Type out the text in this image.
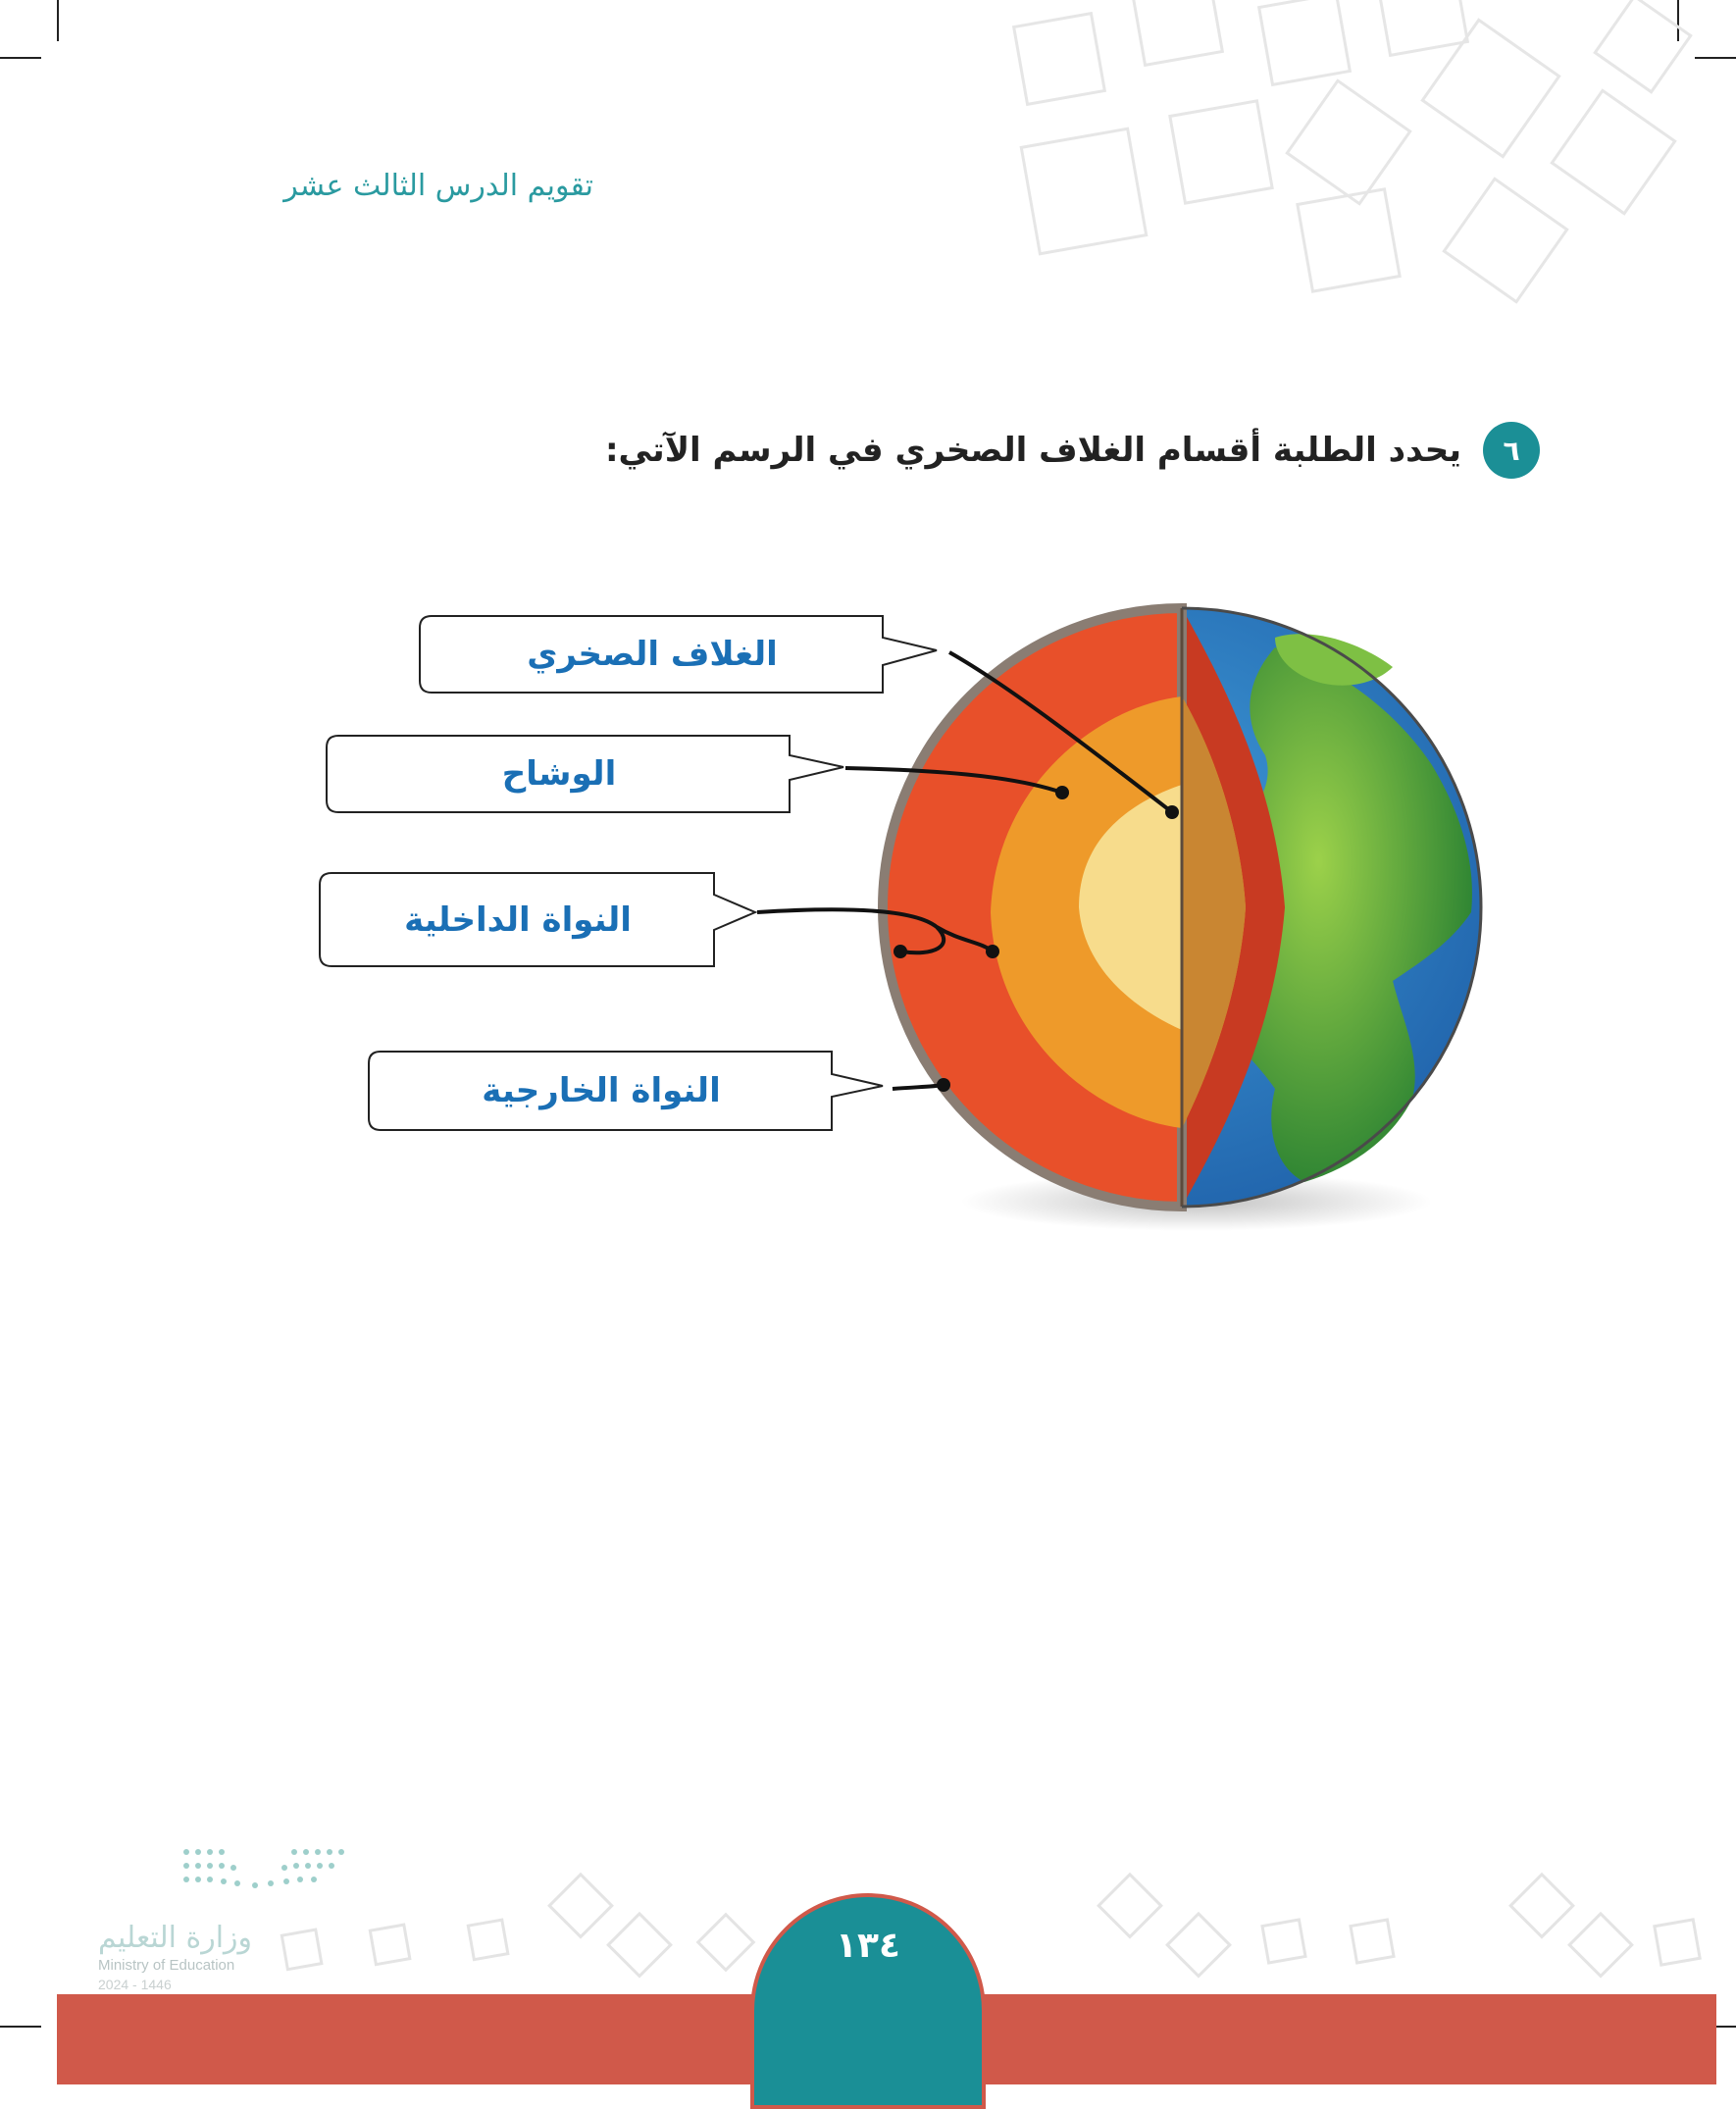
تقويم الدرس الثالث عشر
٦
يحدد الطلبة أقسام الغلاف الصخري في الرسم الآتي:
الغلاف الصخري
الوشاح
النواة الداخلية
النواة الخارجية
وزارة التعليم
Ministry of Education
2024 - 1446
١٣٤
